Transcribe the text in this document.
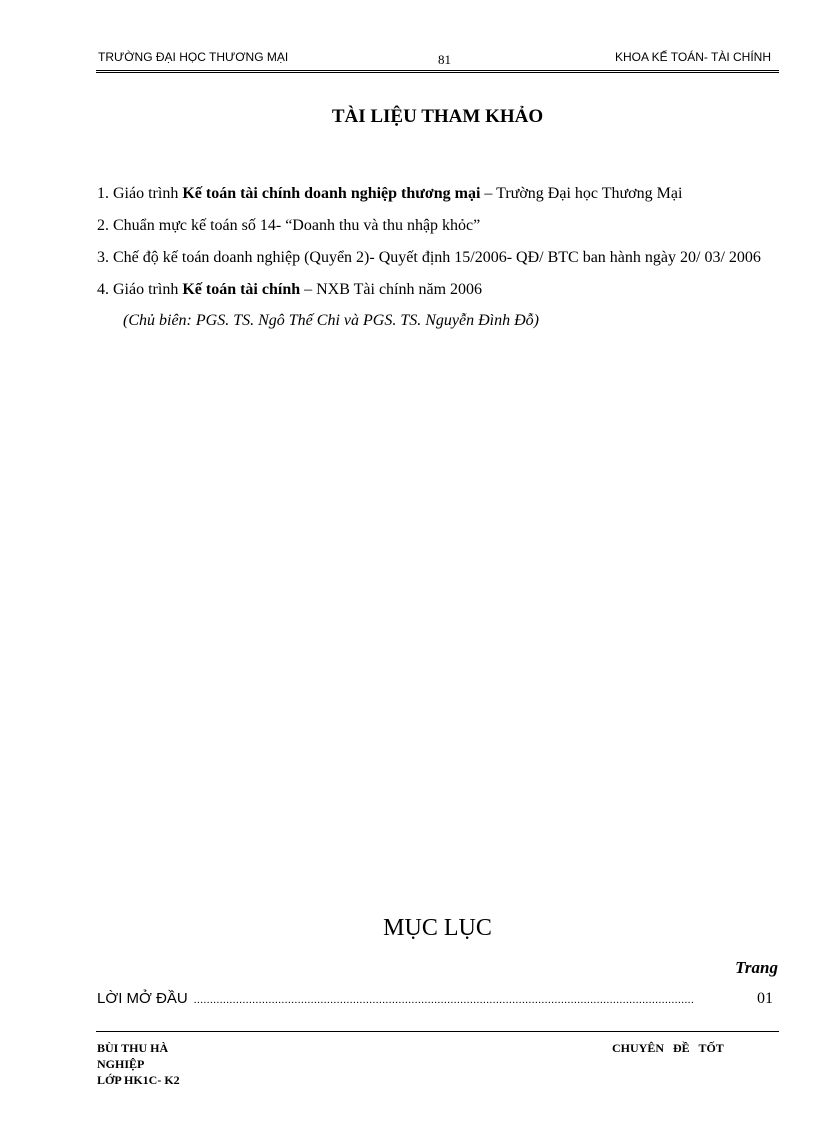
TRƯỜNG ĐẠI HỌC THƯƠNG MẠI	81	KHOA KẾ TOÁN- TÀI CHÍNH
TÀI LIỆU THAM KHẢO

1. Giáo trình Kế toán tài chính doanh nghiệp thương mại – Trường Đại học Thương Mại

2. Chuẩn mực kế toán số 14- “Doanh thu và thu nhập khỏc”

3. Chế độ kế toán doanh nghiệp (Quyển 2)- Quyết định 15/2006- QĐ/ BTC ban hành ngày 20/ 03/ 2006

4. Giáo trình Kế toán tài chính – NXB Tài chính năm 2006

(Chủ biên: PGS. TS. Ngô Thế Chi và PGS. TS. Nguyễn Đình Đỗ)

MỤC LỤC
Trang
LỜI MỞ ĐẦU ..........................................................................................................................................................	01
BÙI THU HÀ
NGHIỆP
LỚP HK1C- K2
CHUYÊN ĐỀ TỐT
